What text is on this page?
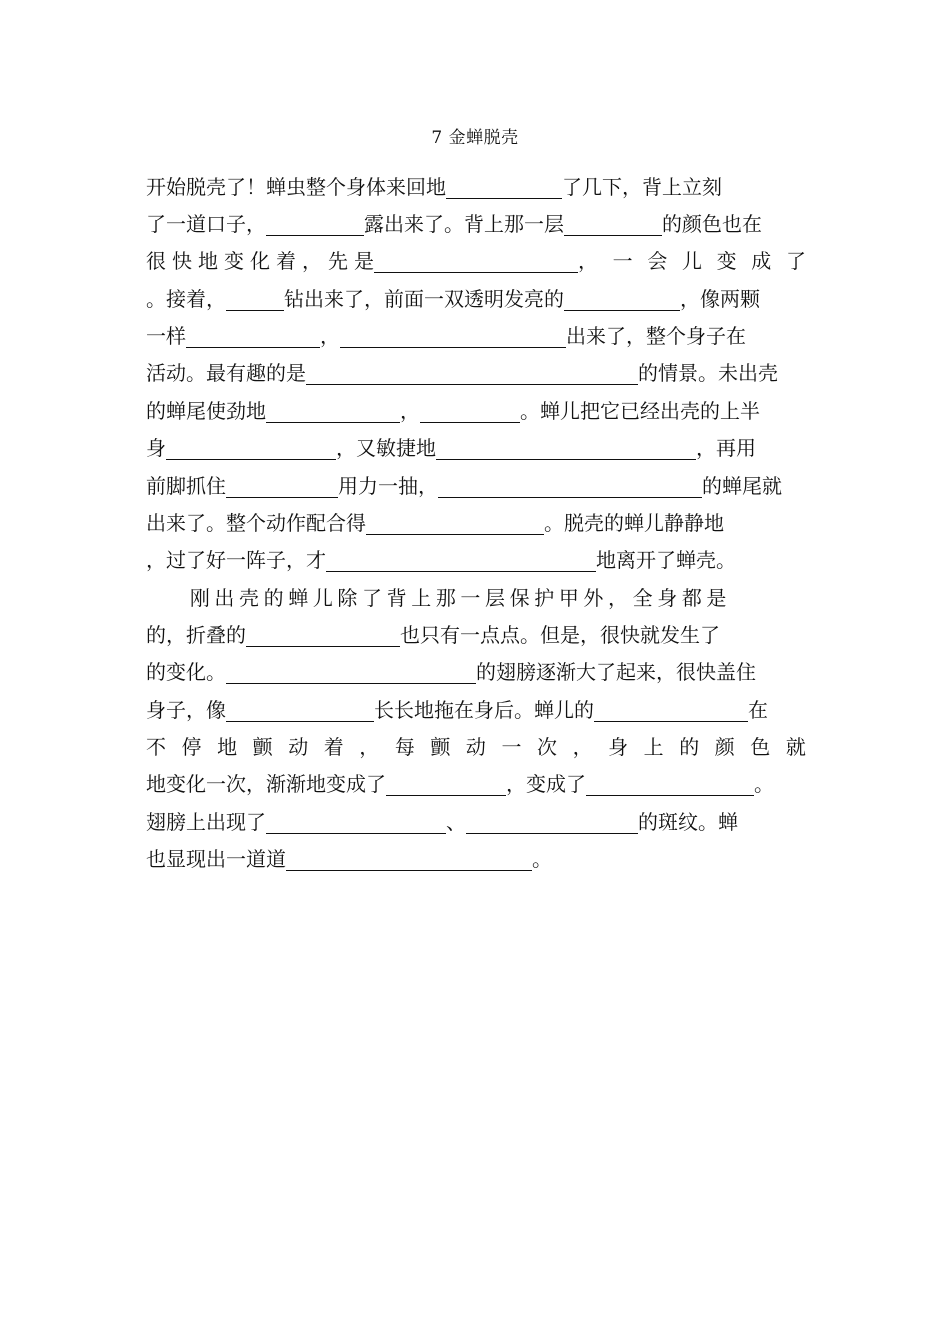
7 金蝉脱壳
开始脱壳了！蝉虫整个身体来回地	了几下，背上立刻
了一道口子，	露出来了。背上那一层	的颜色也在
很 快 地 变 化 着 ， 先 是	， 一 会 儿 变 成 了
。接着，	钻出来了，前面一双透明发亮的	，像两颗
一样	，	出来了，整个身子在
活动。最有趣的是	的情景。未出壳
的蝉尾使劲地	，	。蝉儿把它已经出壳的上半
身	，又敏捷地	，再用
前脚抓住	用力一抽，	的蝉尾就
出来了。整个动作配合得	。脱壳的蝉儿静静地
，过了好一阵子，才	地离开了蝉壳。
刚出壳的蝉儿除了背上那一层保护甲外，全身都是
的，折叠的	也只有一点点。但是，很快就发生了
的变化。	的翅膀逐渐大了起来，很快盖住
身子，像	长长地拖在身后。蝉儿的	在
不 停 地 颤 动 着 ， 每 颤 动 一 次 ， 身 上 的 颜 色 就
地变化一次，渐渐地变成了	，变成了	。
翅膀上出现了	、	的斑纹。蝉
也显现出一道道	。
